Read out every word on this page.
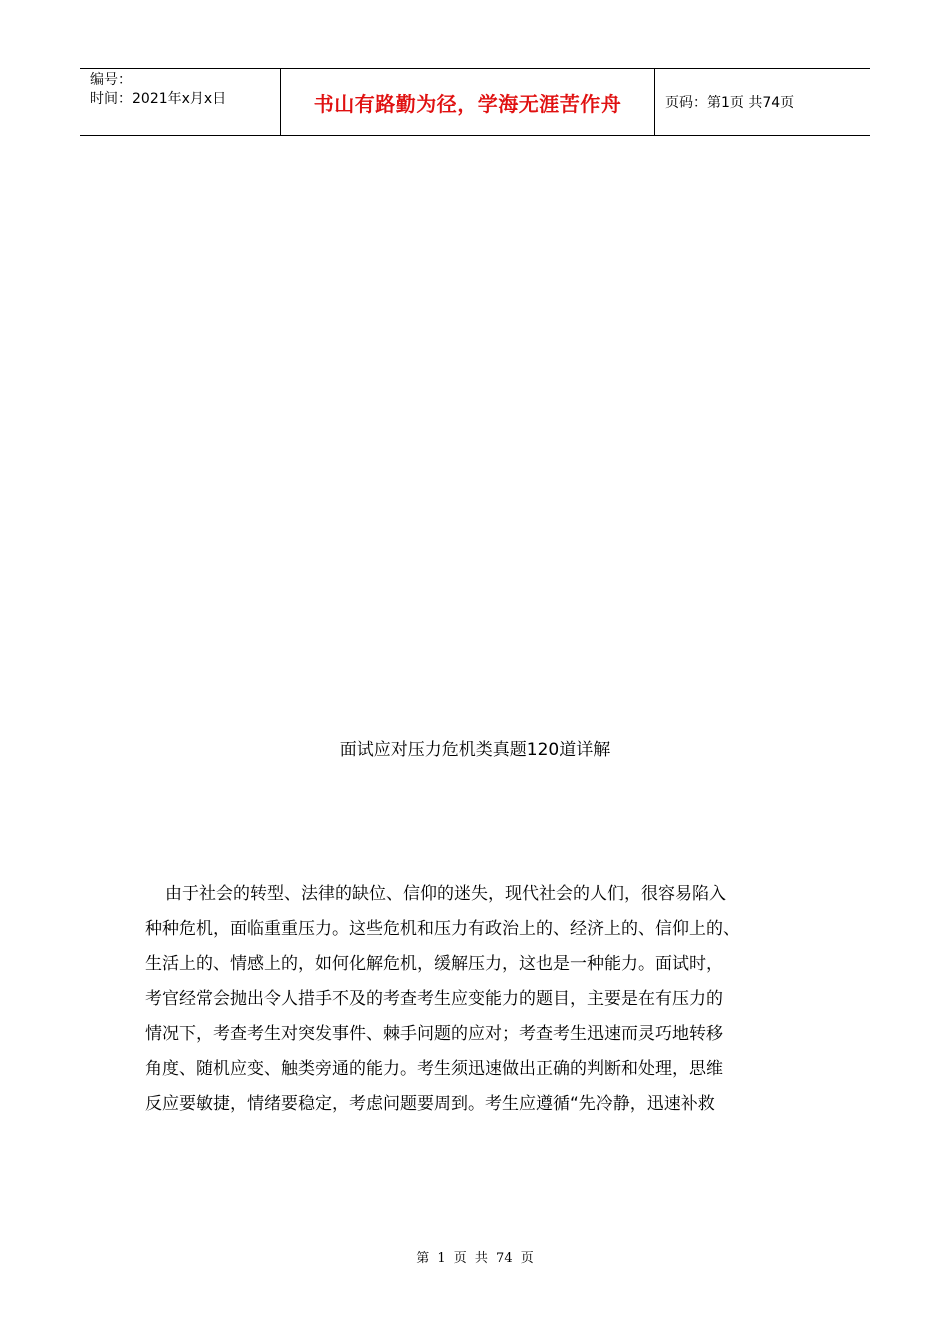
编号：
时间：2021年x月x日	书山有路勤为径，学海无涯苦作舟	页码：第1页 共74页
面试应对压力危机类真题120道详解
由于社会的转型、法律的缺位、信仰的迷失，现代社会的人们，很容易陷入
种种危机，面临重重压力。这些危机和压力有政治上的、经济上的、信仰上的、
生活上的、情感上的，如何化解危机，缓解压力，这也是一种能力。面试时，
考官经常会抛出令人措手不及的考查考生应变能力的题目，主要是在有压力的
情况下，考查考生对突发事件、棘手问题的应对；考查考生迅速而灵巧地转移
角度、随机应变、触类旁通的能力。考生须迅速做出正确的判断和处理，思维
反应要敏捷，情绪要稳定，考虑问题要周到。考生应遵循“先冷静，迅速补救
第 1 页 共 74 页
